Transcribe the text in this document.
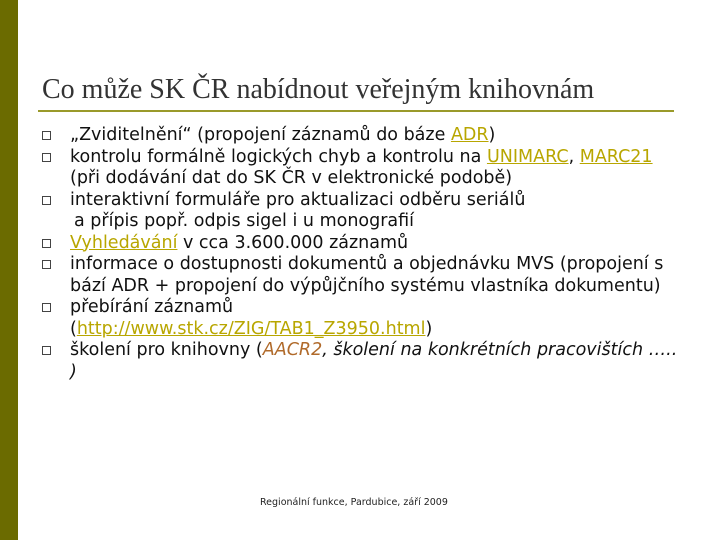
Co může SK ČR nabídnout veřejným knihovnám
„Zviditelnění“ (propojení záznamů do báze ADR)
kontrolu formálně logických chyb a kontrolu na UNIMARC, MARC21 (při dodávání dat do SK ČR v elektronické podobě)
interaktivní formuláře pro aktualizaci odběru seriálů
a přípis popř. odpis sigel i u monografií
Vyhledávání v cca 3.600.000 záznamů
informace o dostupnosti dokumentů a objednávku MVS (propojení s bází ADR + propojení do výpůjčního systému vlastníka dokumentu)
přebírání záznamů
(http://www.stk.cz/ZIG/TAB1_Z3950.html)
školení pro knihovny (AACR2, školení na konkrétních pracovištích ….. )
Regionální funkce, Pardubice, září 2009
